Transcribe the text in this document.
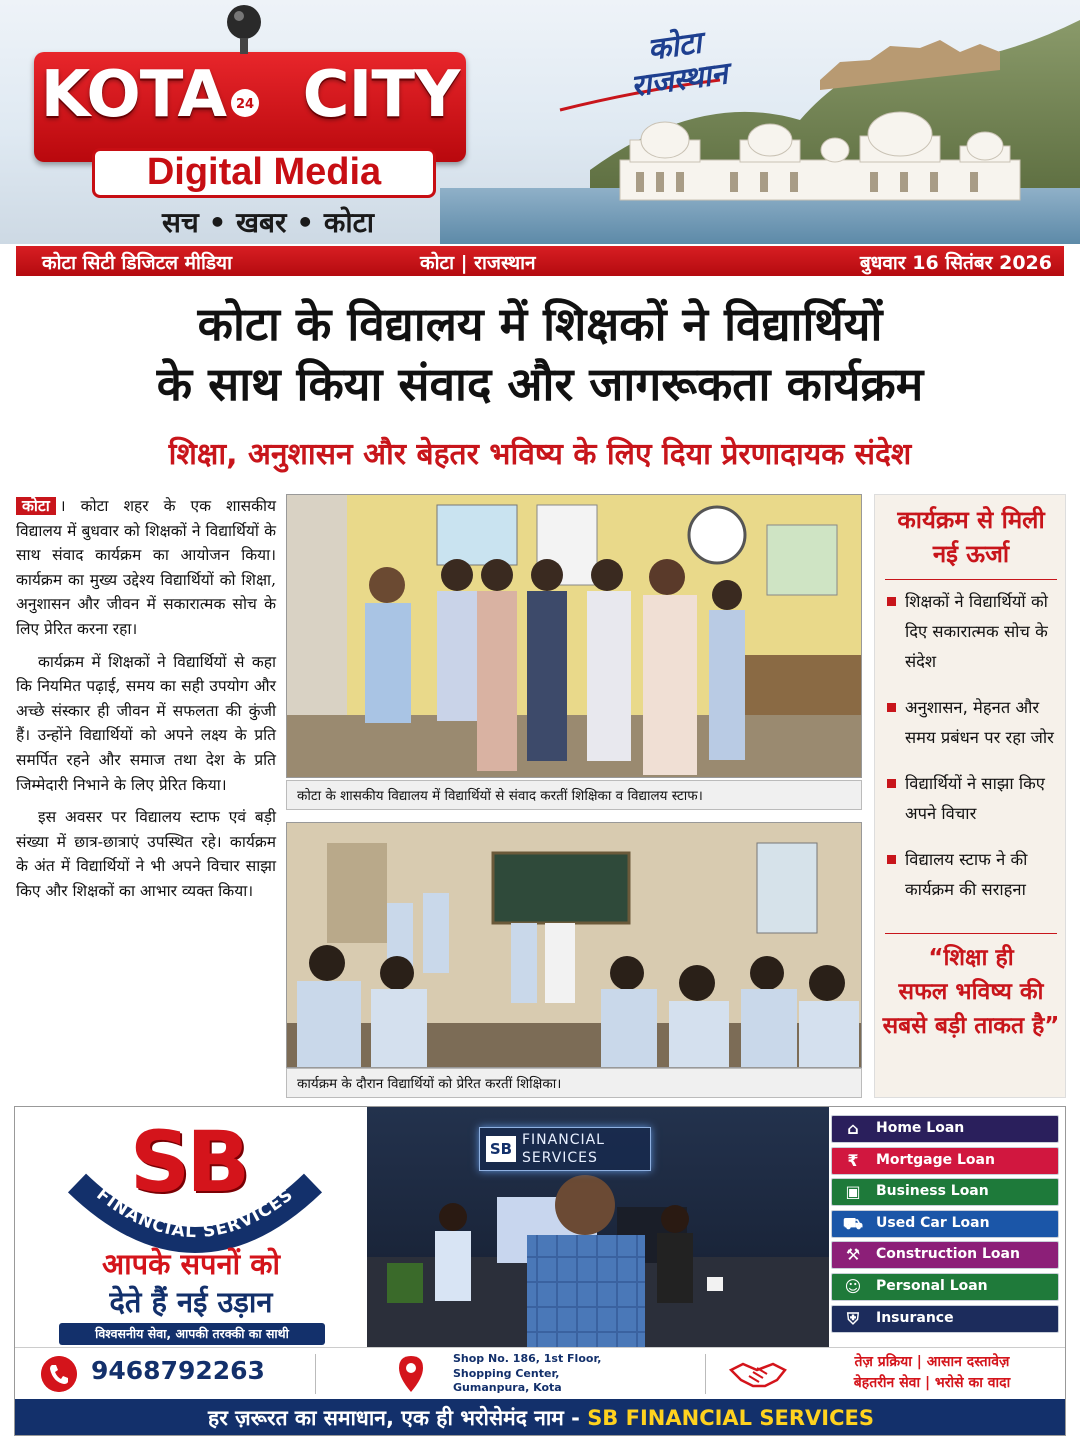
कोटा
राजस्थान
KOTA CITY
24
Digital Media
सच • खबर • कोटा
कोटा सिटी डिजिटल मीडिया	कोटा | राजस्थान	बुधवार 16 सितंबर 2026
कोटा के विद्यालय में शिक्षकों ने विद्यार्थियों
के साथ किया संवाद और जागरूकता कार्यक्रम
शिक्षा, अनुशासन और बेहतर भविष्य के लिए दिया प्रेरणादायक संदेश

कोटा । कोटा शहर के एक शासकीय विद्यालय में बुधवार को शिक्षकों ने विद्यार्थियों के साथ संवाद कार्यक्रम का आयोजन किया। कार्यक्रम का मुख्य उद्देश्य विद्यार्थियों को शिक्षा, अनुशासन और जीवन में सकारात्मक सोच के लिए प्रेरित करना रहा।

कार्यक्रम में शिक्षकों ने विद्यार्थियों से कहा कि नियमित पढ़ाई, समय का सही उपयोग और अच्छे संस्कार ही जीवन में सफलता की कुंजी हैं। उन्होंने विद्यार्थियों को अपने लक्ष्य के प्रति समर्पित रहने और समाज तथा देश के प्रति जिम्मेदारी निभाने के लिए प्रेरित किया।

इस अवसर पर विद्यालय स्टाफ एवं बड़ी संख्या में छात्र-छात्राएं उपस्थित रहे। कार्यक्रम के अंत में विद्यार्थियों ने भी अपने विचार साझा किए और शिक्षकों का आभार व्यक्त किया।

कोटा के शासकीय विद्यालय में विद्यार्थियों से संवाद करतीं शिक्षिका व विद्यालय स्टाफ।
कार्यक्रम के दौरान विद्यार्थियों को प्रेरित करतीं शिक्षिका।
कार्यक्रम से मिली
नई ऊर्जा
शिक्षकों ने विद्यार्थियों को दिए सकारात्मक सोच के संदेश
अनुशासन, मेहनत और समय प्रबंधन पर रहा जोर
विद्यार्थियों ने साझा किए अपने विचार
विद्यालय स्टाफ ने की कार्यक्रम की सराहना
“शिक्षा ही
सफल भविष्य की
सबसे बड़ी ताकत है”
FINANCIAL SERVICES
SB
आपके सपनों को
देते हैं नई उड़ान
विश्वसनीय सेवा, आपकी तरक्की का साथी
SB FINANCIAL
SERVICES
⌂	Home Loan
₹	Mortgage Loan
▣ Business Loan
⛟ Used Car Loan
⚒ Construction Loan
☺ Personal Loan
⛨	Insurance
9468792263	Shop No. 186, 1st Floor,
Shopping Center,
Gumanpura, Kota
तेज़ प्रक्रिया | आसान दस्तावेज़
बेहतरीन सेवा | भरोसे का वादा
हर ज़रूरत का समाधान, एक ही भरोसेमंद नाम - SB FINANCIAL SERVICES
